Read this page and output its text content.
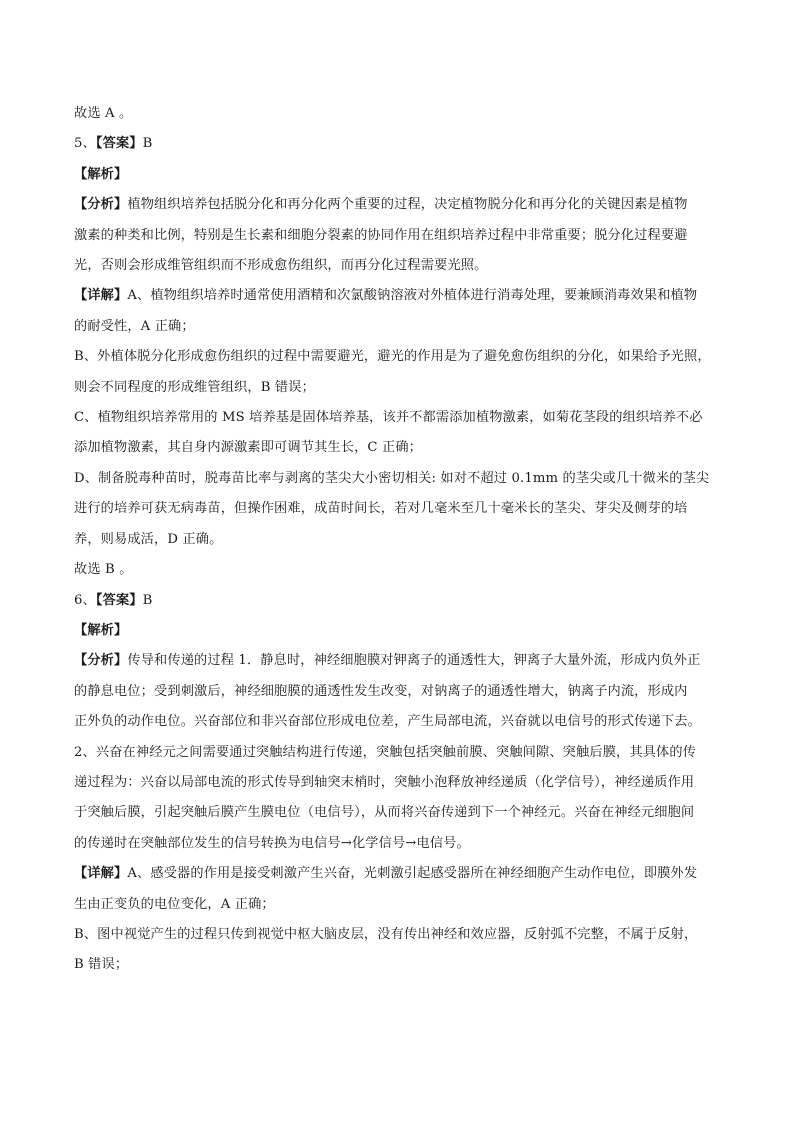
故选 A 。

5、【答案】B

【解析】

【分析】植物组织培养包括脱分化和再分化两个重要的过程，决定植物脱分化和再分化的关键因素是植物

激素的种类和比例，特别是生长素和细胞分裂素的协同作用在组织培养过程中非常重要；脱分化过程要避

光，否则会形成维管组织而不形成愈伤组织，而再分化过程需要光照。

【详解】A、植物组织培养时通常使用酒精和次氯酸钠溶液对外植体进行消毒处理，要兼顾消毒效果和植物

的耐受性，A 正确；

B、外植体脱分化形成愈伤组织的过程中需要避光，避光的作用是为了避免愈伤组织的分化，如果给予光照，

则会不同程度的形成维管组织，B 错误；

C、植物组织培养常用的 MS 培养基是固体培养基，该并不都需添加植物激素，如菊花茎段的组织培养不必

添加植物激素，其自身内源激素即可调节其生长，C 正确；

D、制备脱毒种苗时，脱毒苗比率与剥离的茎尖大小密切相关: 如对不超过 0.1mm 的茎尖或几十微米的茎尖

进行的培养可获无病毒苗，但操作困难，成苗时间长，若对几毫米至几十毫米长的茎尖、芽尖及侧芽的培

养，则易成活，D 正确。

故选 B 。

6、【答案】B

【解析】

【分析】传导和传递的过程 1．静息时，神经细胞膜对钾离子的通透性大，钾离子大量外流，形成内负外正

的静息电位；受到刺激后，神经细胞膜的通透性发生改变，对钠离子的通透性增大，钠离子内流，形成内

正外负的动作电位。兴奋部位和非兴奋部位形成电位差，产生局部电流，兴奋就以电信号的形式传递下去。

2、兴奋在神经元之间需要通过突触结构进行传递，突触包括突触前膜、突触间隙、突触后膜，其具体的传

递过程为：兴奋以局部电流的形式传导到轴突末梢时，突触小泡释放神经递质（化学信号），神经递质作用

于突触后膜，引起突触后膜产生膜电位（电信号），从而将兴奋传递到下一个神经元。兴奋在神经元细胞间

的传递时在突触部位发生的信号转换为电信号→化学信号→电信号。

【详解】A、感受器的作用是接受刺激产生兴奋，光刺激引起感受器所在神经细胞产生动作电位，即膜外发

生由正变负的电位变化，A 正确；

B、图中视觉产生的过程只传到视觉中枢大脑皮层，没有传出神经和效应器，反射弧不完整，不属于反射，

B 错误；
